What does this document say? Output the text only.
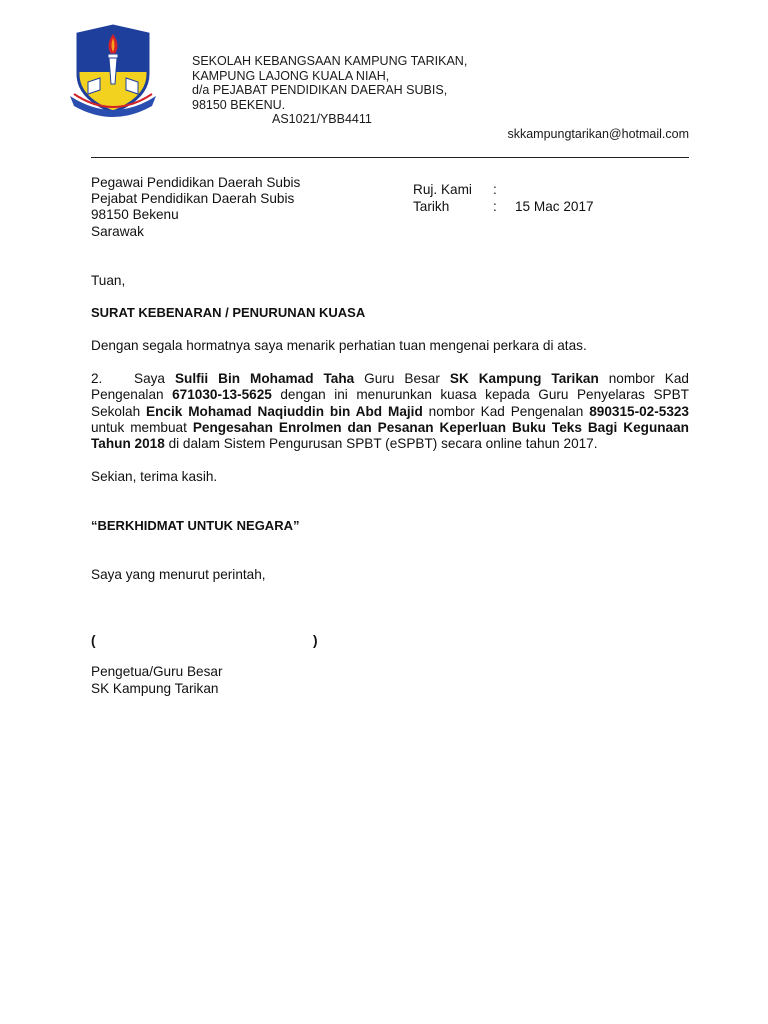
SEKOLAH KEBANGSAAN KAMPUNG TARIKAN,
KAMPUNG LAJONG KUALA NIAH,
d/a PEJABAT PENDIDIKAN DAERAH SUBIS,
98150 BEKENU.
AS1021/YBB4411
skkampungtarikan@hotmail.com
Pegawai Pendidikan Daerah Subis
Pejabat Pendidikan Daerah Subis
98150 Bekenu
Sarawak
Ruj. Kami	:
Tarikh	:	15 Mac 2017
Tuan,
SURAT KEBENARAN / PENURUNAN KUASA
Dengan segala hormatnya saya menarik perhatian tuan mengenai perkara di atas.
2. Saya Sulfii Bin Mohamad Taha Guru Besar SK Kampung Tarikan nombor Kad Pengenalan 671030-13-5625 dengan ini menurunkan kuasa kepada Guru Penyelaras SPBT Sekolah Encik Mohamad Naqiuddin bin Abd Majid nombor Kad Pengenalan 890315-02-5323 untuk membuat Pengesahan Enrolmen dan Pesanan Keperluan Buku Teks Bagi Kegunaan Tahun 2018 di dalam Sistem Pengurusan SPBT (eSPBT) secara online tahun 2017.
Sekian, terima kasih.
“BERKHIDMAT UNTUK NEGARA”
Saya yang menurut perintah,
(	)
Pengetua/Guru Besar
SK Kampung Tarikan
